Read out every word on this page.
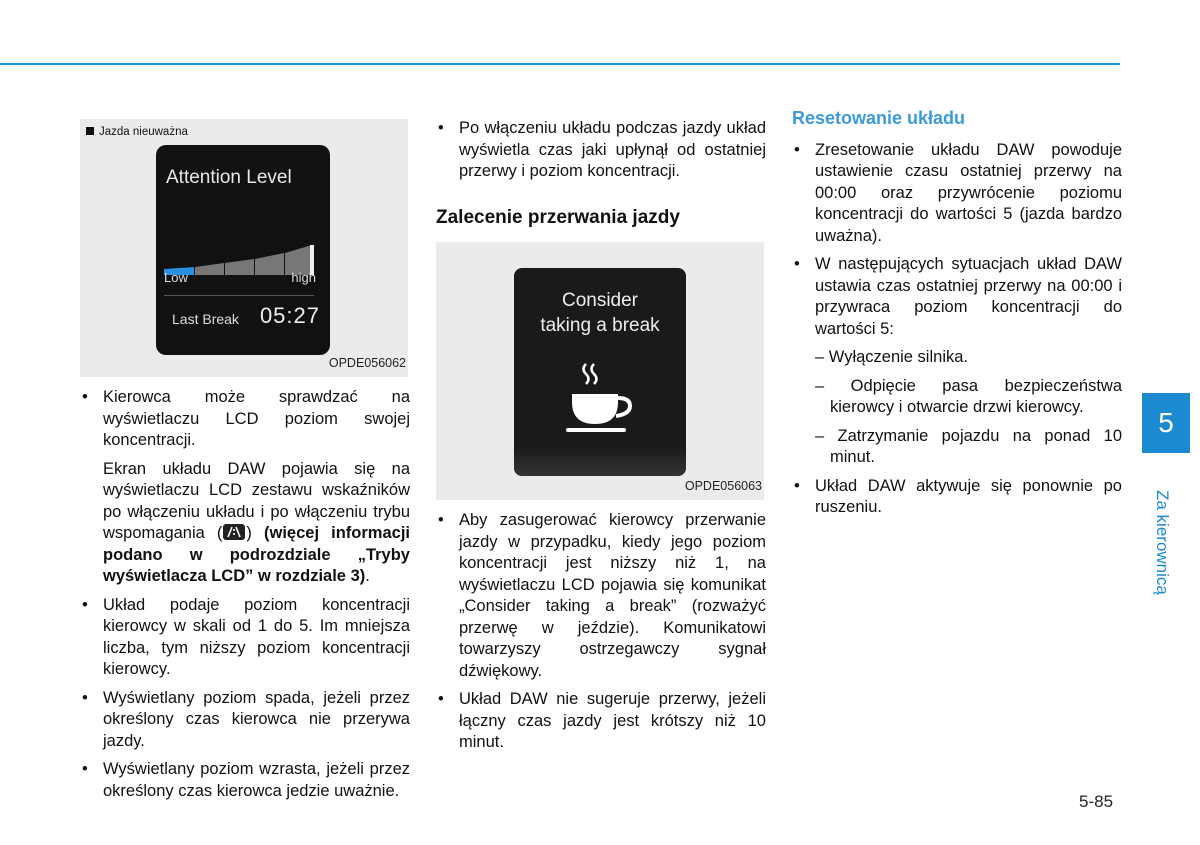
Jazda nieuważna
Attention Level
Low	high
Last Break 05:27
OPDE056062
• Kierowca może sprawdzać na wyświetlaczu LCD poziom swojej koncentracji.
Ekran układu DAW pojawia się na wyświetlaczu LCD zestawu wskaźników po włączeniu układu i po włączeniu trybu wspomagania ( ) (więcej informacji podano w podrozdziale „Tryby wyświetlacza LCD” w rozdziale 3).
• Układ podaje poziom koncentracji kierowcy w skali od 1 do 5. Im mniejsza liczba, tym niższy poziom koncentracji kierowcy.
• Wyświetlany poziom spada, jeżeli przez określony czas kierowca nie przerywa jazdy.
• Wyświetlany poziom wzrasta, jeżeli przez określony czas kierowca jedzie uważnie.
• Po włączeniu układu podczas jazdy układ wyświetla czas jaki upłynął od ostatniej przerwy i poziom koncentracji.
Zalecenie przerwania jazdy
Consider
taking a break
OPDE056063
• Aby zasugerować kierowcy przerwanie jazdy w przypadku, kiedy jego poziom koncentracji jest niższy niż 1, na wyświetlaczu LCD pojawia się komunikat „Consider taking a break” (rozważyć przerwę w jeździe). Komunikatowi towarzyszy ostrzegawczy sygnał dźwiękowy.
• Układ DAW nie sugeruje przerwy, jeżeli łączny czas jazdy jest krótszy niż 10 minut.
Resetowanie układu
• Zresetowanie układu DAW powoduje ustawienie czasu ostatniej przerwy na 00:00 oraz przywrócenie poziomu koncentracji do wartości 5 (jazda bardzo uważna).
• W następujących sytuacjach układ DAW ustawia czas ostatniej przerwy na 00:00 i przywraca poziom koncentracji do wartości 5:
– Wyłączenie silnika.
– Odpięcie pasa bezpieczeństwa kierowcy i otwarcie drzwi kierowcy.
– Zatrzymanie pojazdu na ponad 10 minut.
• Układ DAW aktywuje się ponownie po ruszeniu.
5
Za kierownicą
5-85
